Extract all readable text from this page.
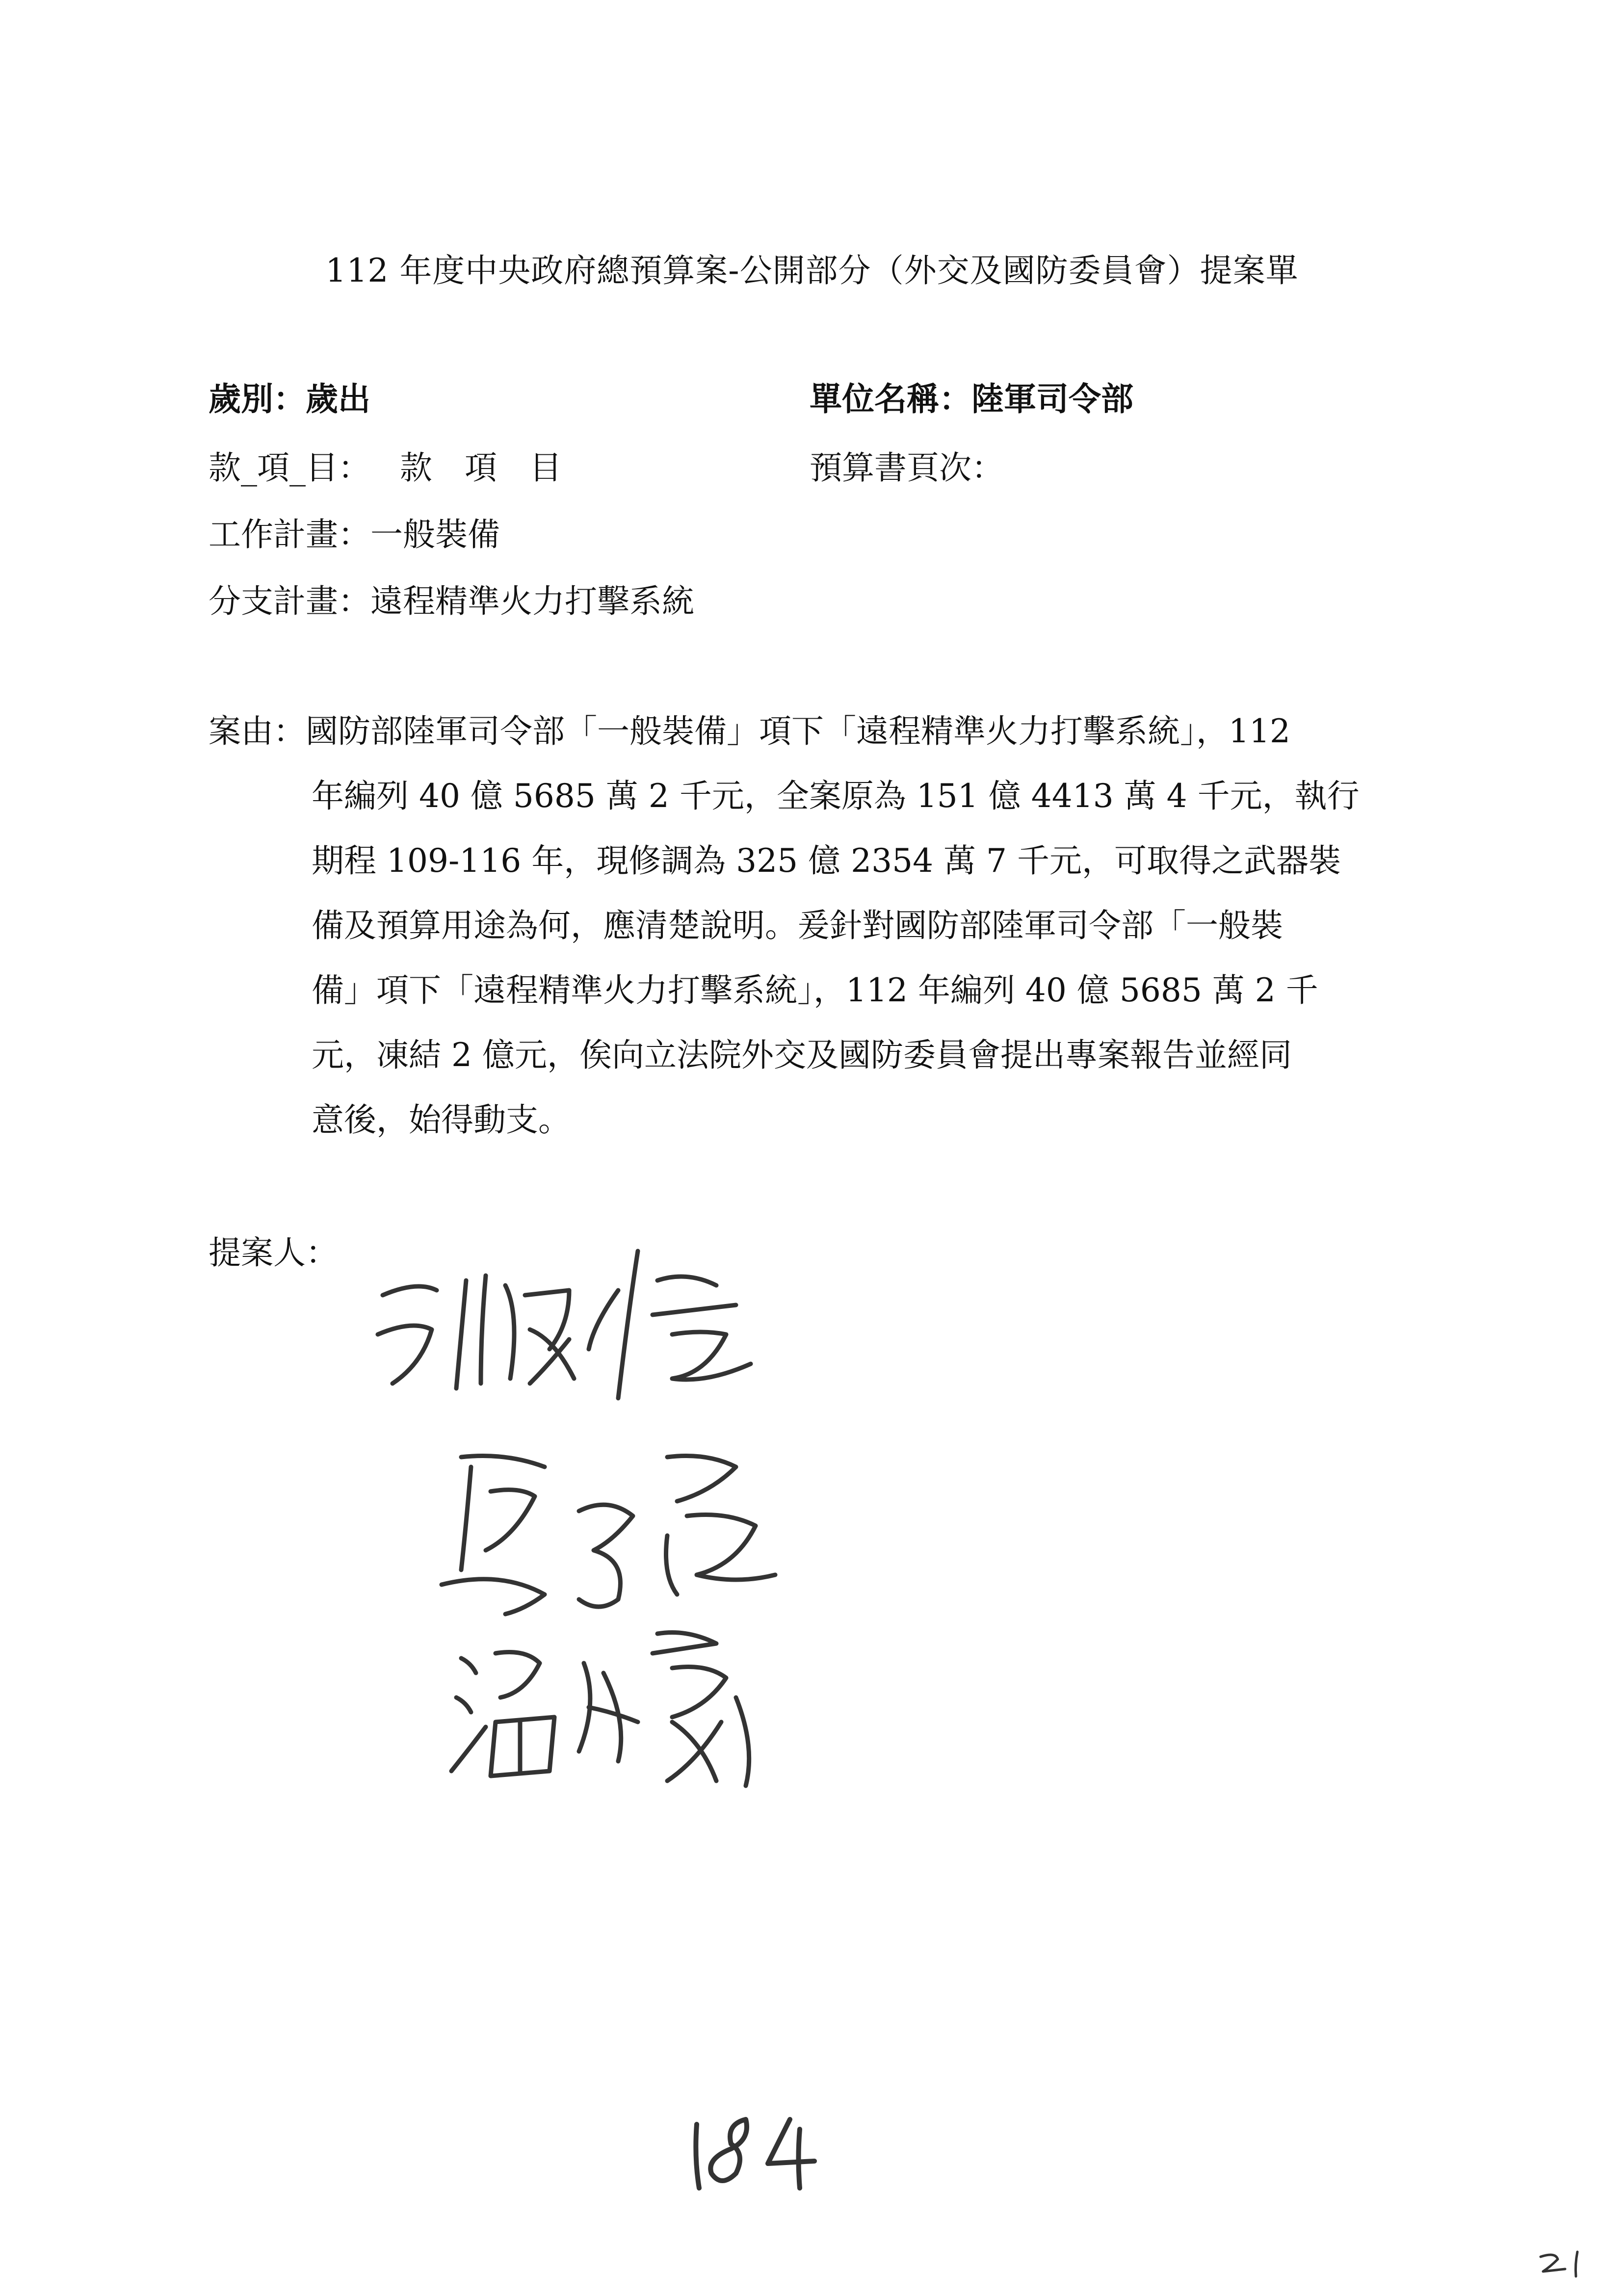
112 年度中央政府總預算案-公開部分（外交及國防委員會）提案單
歲別：歲出	單位名稱：陸軍司令部
款_項_目： 款　項　目	預算書頁次：
工作計畫：一般裝備
分支計畫：遠程精準火力打擊系統
案由：國防部陸軍司令部「一般裝備」項下「遠程精準火力打擊系統」，112
年編列 40 億 5685 萬 2 千元，全案原為 151 億 4413 萬 4 千元，執行
期程 109-116 年，現修調為 325 億 2354 萬 7 千元，可取得之武器裝
備及預算用途為何，應清楚說明。爰針對國防部陸軍司令部「一般裝
備」項下「遠程精準火力打擊系統」，112 年編列 40 億 5685 萬 2 千
元，凍結 2 億元，俟向立法院外交及國防委員會提出專案報告並經同
意後，始得動支。
提案人：
